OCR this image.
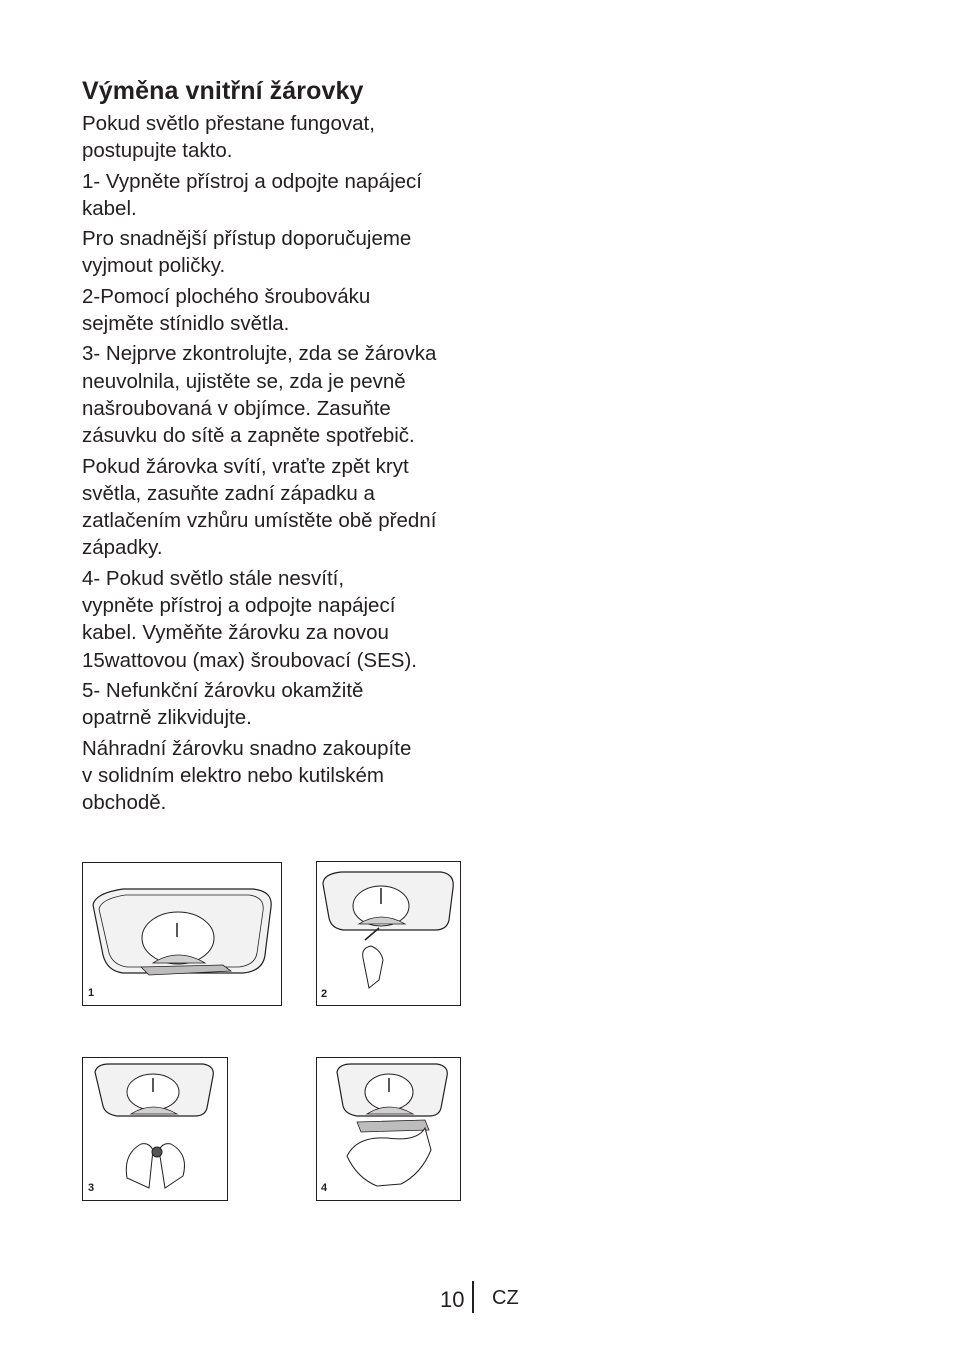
Výměna vnitřní žárovky
Pokud světlo přestane fungovat,
postupujte takto.
1- Vypněte přístroj a odpojte napájecí
kabel.
Pro snadnější přístup doporučujeme
vyjmout poličky.
2-Pomocí plochého šroubováku
sejměte stínidlo světla.
3- Nejprve zkontrolujte, zda se žárovka
neuvolnila, ujistěte se, zda je pevně
našroubovaná v objímce. Zasuňte
zásuvku do sítě a zapněte spotřebič.
Pokud žárovka svítí, vraťte zpět kryt
světla, zasuňte zadní západku a
zatlačením vzhůru umístěte obě přední
západky.
4- Pokud světlo stále nesvítí,
vypněte přístroj a odpojte napájecí
kabel. Vyměňte žárovku za novou
15wattovou (max) šroubovací (SES).
5- Nefunkční žárovku okamžitě
opatrně zlikvidujte.
Náhradní žárovku snadno zakoupíte
v solidním elektro nebo kutilském
obchodě.
1	2
3	4
10 CZ
